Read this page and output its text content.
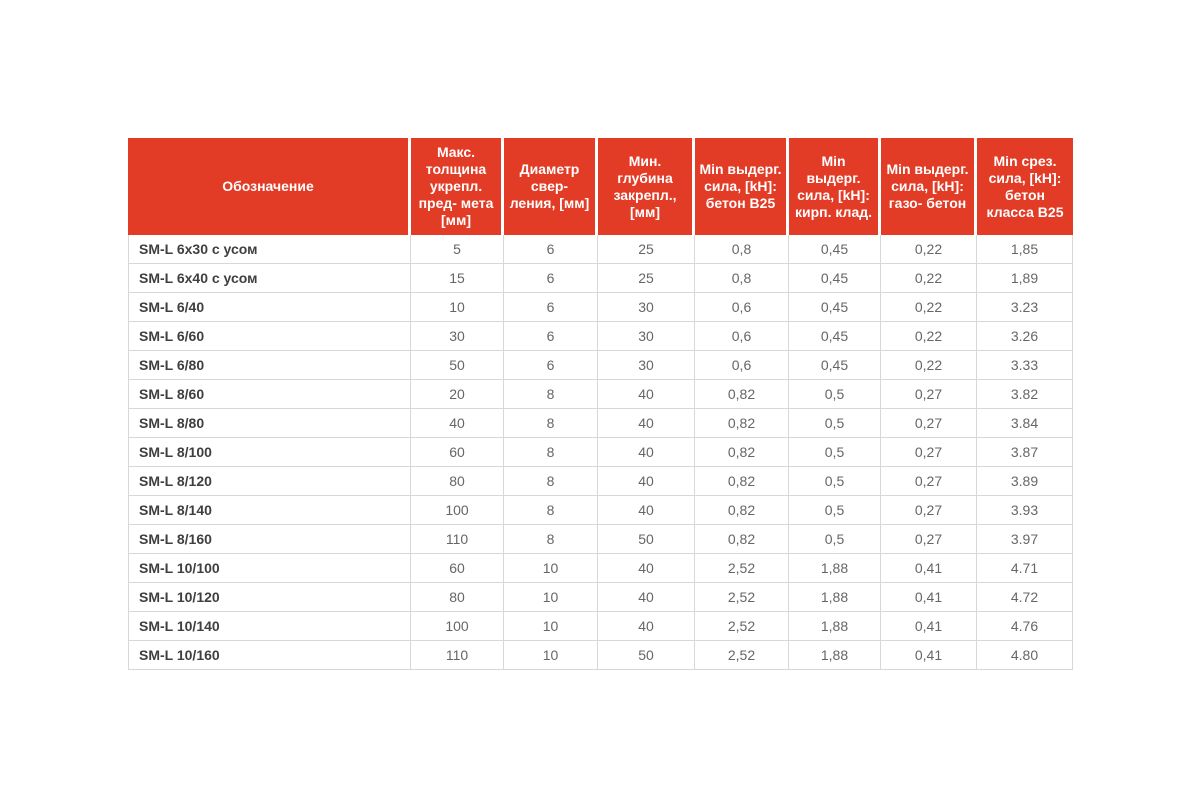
Обозначение	Макс. толщина укрепл. пред- мета [мм]	Диаметр свер- ления, [мм]	Мин. глубина закрепл., [мм]	Min выдерг. сила, [kH]: бетон В25	Min выдерг. сила, [kH]: кирп. клад.	Min выдерг. сила, [kH]: газо- бетон	Min срез. сила, [kH]: бетон класса В25
SM-L 6x30 с усом	5	6	25	0,8	0,45	0,22	1,85
SM-L 6x40 с усом	15	6	25	0,8	0,45	0,22	1,89
SM-L 6/40	10	6	30	0,6	0,45	0,22	3.23
SM-L 6/60	30	6	30	0,6	0,45	0,22	3.26
SM-L 6/80	50	6	30	0,6	0,45	0,22	3.33
SM-L 8/60	20	8	40	0,82	0,5	0,27	3.82
SM-L 8/80	40	8	40	0,82	0,5	0,27	3.84
SM-L 8/100	60	8	40	0,82	0,5	0,27	3.87
SM-L 8/120	80	8	40	0,82	0,5	0,27	3.89
SM-L 8/140	100	8	40	0,82	0,5	0,27	3.93
SM-L 8/160	110	8	50	0,82	0,5	0,27	3.97
SM-L 10/100	60	10	40	2,52	1,88	0,41	4.71
SM-L 10/120	80	10	40	2,52	1,88	0,41	4.72
SM-L 10/140	100	10	40	2,52	1,88	0,41	4.76
SM-L 10/160	110	10	50	2,52	1,88	0,41	4.80
